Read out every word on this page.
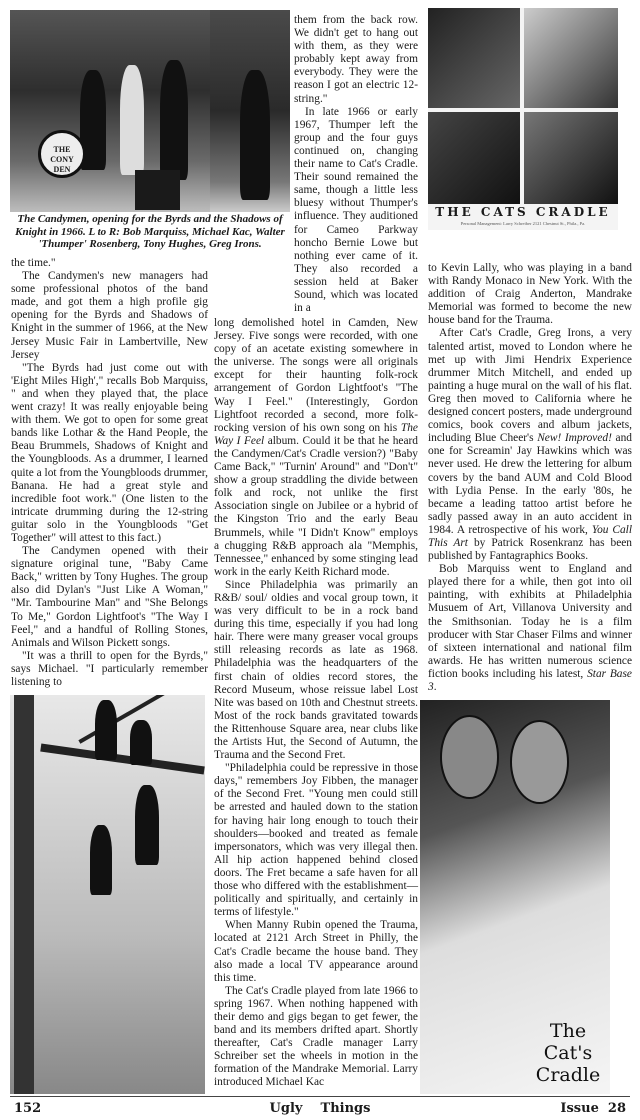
THE CONY DEN
The Candymen, opening for the Byrds and the Shadows of Knight in 1966. L to R: Bob Marquiss, Michael Kac, Walter 'Thumper' Rosenberg, Tony Hughes, Greg Irons.
THE CATS CRADLE
Personal Management: Larry Schreiber 2121 Chestnut St., Phila., Pa.
The Cat's Cradle

the time."

The Candymen's new managers had some professional photos of the band made, and got them a high profile gig opening for the Byrds and Shadows of Knight in the summer of 1966, at the New Jersey Music Fair in Lambertville, New Jersey

"The Byrds had just come out with 'Eight Miles High'," recalls Bob Marquiss, " and when they played that, the place went crazy! It was really enjoyable being with them. We got to open for some great bands like Lothar & the Hand People, the Beau Brummels, Shadows of Knight and the Youngbloods. As a drummer, I learned quite a lot from the Youngbloods drummer, Banana. He had a great style and incredible foot work." (One listen to the intricate drumming during the 12-string guitar solo in the Youngbloods "Get Together" will attest to this fact.)

The Candymen opened with their signature original tune, "Baby Came Back," written by Tony Hughes. The group also did Dylan's "Just Like A Woman," "Mr. Tambourine Man" and "She Belongs To Me," Gordon Lightfoot's "The Way I Feel," and a handful of Rolling Stones, Animals and Wilson Pickett songs.

"It was a thrill to open for the Byrds," says Michael. "I particularly remember listening to

them from the back row. We didn't get to hang out with them, as they were probably kept away from everybody. They were the reason I got an electric 12-string."

In late 1966 or early 1967, Thumper left the group and the four guys continued on, changing their name to Cat's Cradle. Their sound remained the same, though a little less bluesy without Thumper's influence. They auditioned for Cameo Parkway honcho Bernie Lowe but nothing ever came of it. They also recorded a session held at Baker Sound, which was located in a

long demolished hotel in Camden, New Jersey. Five songs were recorded, with one copy of an acetate existing somewhere in the universe. The songs were all originals except for their haunting folk-rock arrangement of Gordon Lightfoot's "The Way I Feel." (Interestingly, Gordon Lightfoot recorded a second, more folk-rocking version of his own song on his The Way I Feel album. Could it be that he heard the Candymen/Cat's Cradle version?) "Baby Came Back," "Turnin' Around" and "Don't" show a group straddling the divide between folk and rock, not unlike the first Association single on Jubilee or a hybrid of the Kingston Trio and the early Beau Brummels, while "I Didn't Know" employs a chugging R&B approach ala "Memphis, Tennessee," enhanced by some stinging lead work in the early Keith Richard mode.

Since Philadelphia was primarily an R&B/ soul/ oldies and vocal group town, it was very difficult to be in a rock band during this time, especially if you had long hair. There were many greaser vocal groups still releasing records as late as 1968. Philadelphia was the headquarters of the first chain of oldies record stores, the Record Museum, whose reissue label Lost Nite was based on 10th and Chestnut streets. Most of the rock bands gravitated towards the Rittenhouse Square area, near clubs like the Artists Hut, the Second of Autumn, the Trauma and the Second Fret.

"Philadelphia could be repressive in those days," remembers Joy Fibben, the manager of the Second Fret. "Young men could still be arrested and hauled down to the station for having hair long enough to touch their shoulders—booked and treated as female impersonators, which was very illegal then. All hip action happened behind closed doors. The Fret became a safe haven for all those who differed with the establishment—politically and spiritually, and certainly in terms of lifestyle."

When Manny Rubin opened the Trauma, located at 2121 Arch Street in Philly, the Cat's Cradle became the house band. They also made a local TV appearance around this time.

The Cat's Cradle played from late 1966 to spring 1967. When nothing happened with their demo and gigs began to get fewer, the band and its members drifted apart. Shortly thereafter, Cat's Cradle manager Larry Schreiber set the wheels in motion in the formation of the Mandrake Memorial. Larry introduced Michael Kac

to Kevin Lally, who was playing in a band with Randy Monaco in New York. With the addition of Craig Anderton, Mandrake Memorial was formed to become the new house band for the Trauma.

After Cat's Cradle, Greg Irons, a very talented artist, moved to London where he met up with Jimi Hendrix Experience drummer Mitch Mitchell, and ended up painting a huge mural on the wall of his flat. Greg then moved to California where he designed concert posters, made underground comics, book covers and album jackets, including Blue Cheer's New! Improved! and one for Screamin' Jay Hawkins which was never used. He drew the lettering for album covers by the band AUM and Cold Blood with Lydia Pense. In the early '80s, he became a leading tattoo artist before he sadly passed away in an auto accident in 1984. A retrospective of his work, You Call This Art by Patrick Rosenkranz has been published by Fantagraphics Books.

Bob Marquiss went to England and played there for a while, then got into oil painting, with exhibits at Philadelphia Musuem of Art, Villanova University and the Smithsonian. Today he is a film producer with Star Chaser Films and winner of sixteen international and national film awards. He has written numerous science fiction books including his latest, Star Base 3.

152	Ugly    Things	Issue  28
